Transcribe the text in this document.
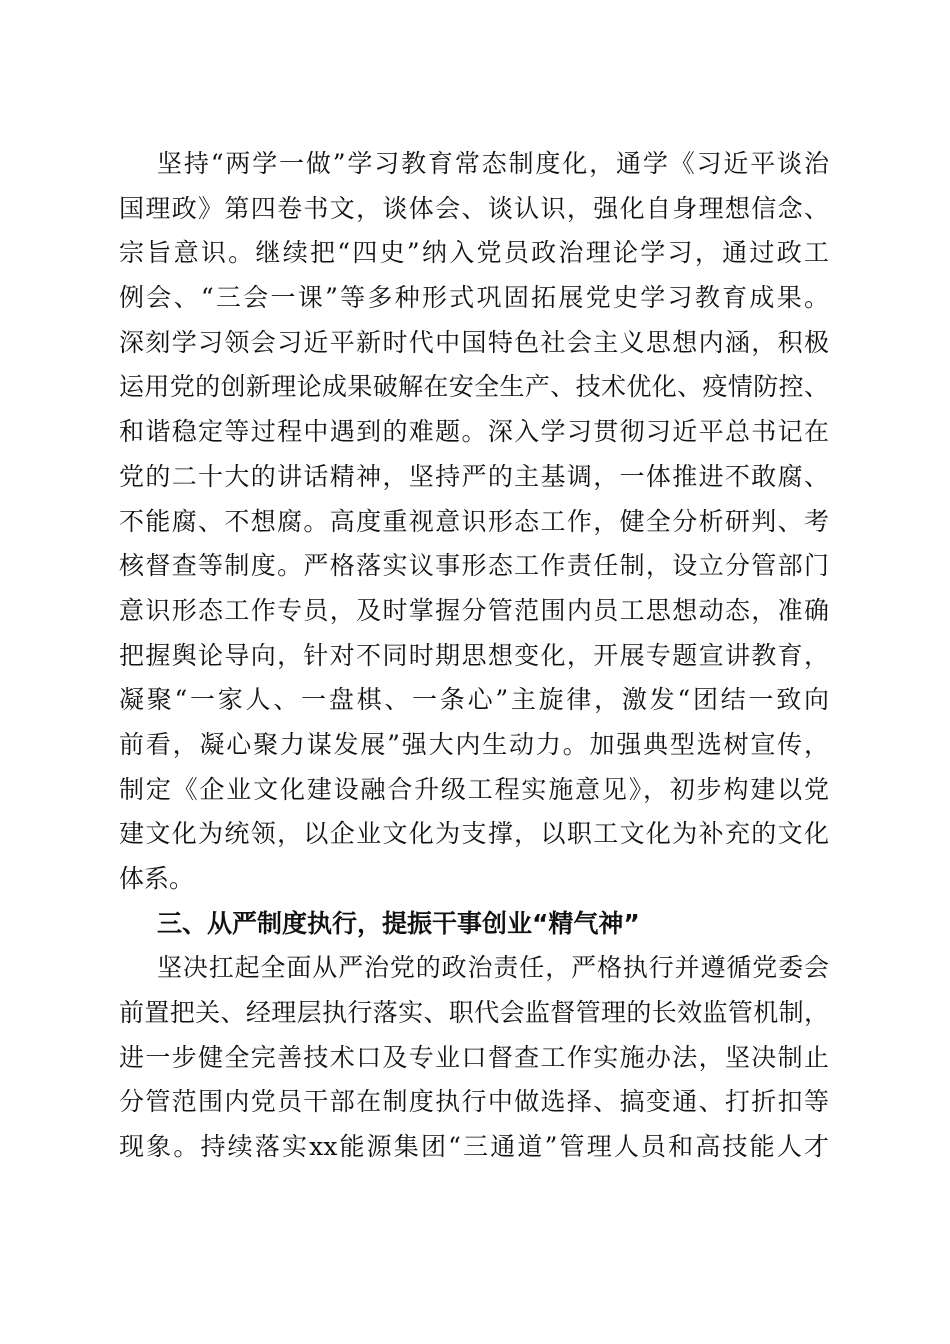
坚持“两学一做”学习教育常态制度化，通学《习近平谈治
国理政》第四卷书文，谈体会、谈认识，强化自身理想信念、
宗旨意识。继续把“四史”纳入党员政治理论学习，通过政工
例会、“三会一课”等多种形式巩固拓展党史学习教育成果。
深刻学习领会习近平新时代中国特色社会主义思想内涵，积极
运用党的创新理论成果破解在安全生产、技术优化、疫情防控、
和谐稳定等过程中遇到的难题。深入学习贯彻习近平总书记在
党的二十大的讲话精神，坚持严的主基调，一体推进不敢腐、
不能腐、不想腐。高度重视意识形态工作，健全分析研判、考
核督查等制度。严格落实议事形态工作责任制，设立分管部门
意识形态工作专员，及时掌握分管范围内员工思想动态，准确
把握舆论导向，针对不同时期思想变化，开展专题宣讲教育，
凝聚“一家人、一盘棋、一条心”主旋律，激发“团结一致向
前看，凝心聚力谋发展”强大内生动力。加强典型选树宣传，
制定《企业文化建设融合升级工程实施意见》，初步构建以党
建文化为统领，以企业文化为支撑，以职工文化为补充的文化
体系。
三、从严制度执行，提振干事创业“精气神”
坚决扛起全面从严治党的政治责任，严格执行并遵循党委会
前置把关、经理层执行落实、职代会监督管理的长效监管机制，
进一步健全完善技术口及专业口督查工作实施办法，坚决制止
分管范围内党员干部在制度执行中做选择、搞变通、打折扣等
现象。持续落实xx能源集团“三通道”管理人员和高技能人才
